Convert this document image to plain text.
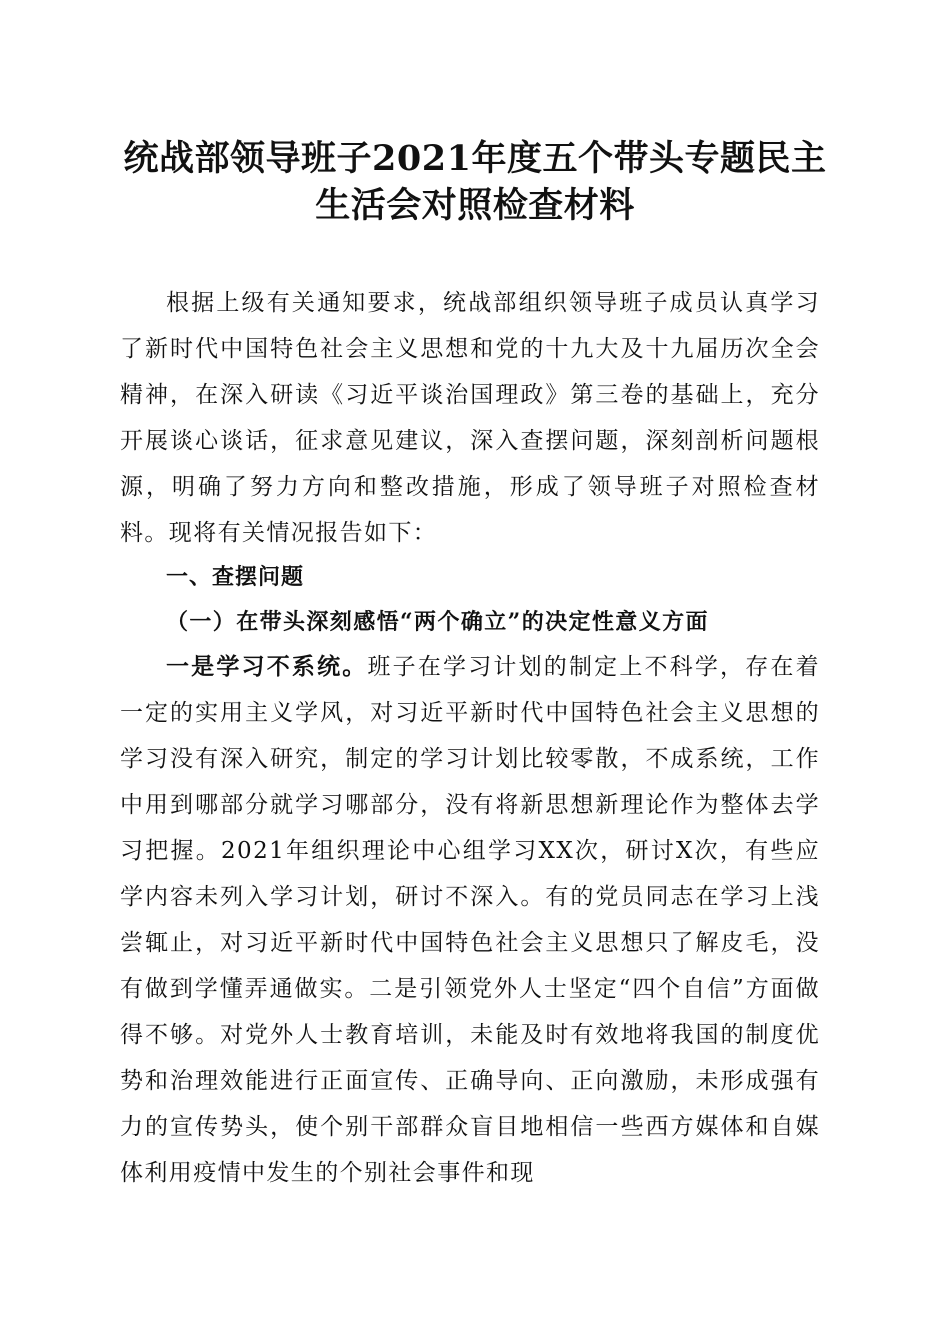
统战部领导班子2021年度五个带头专题民主
生活会对照检查材料

根据上级有关通知要求，统战部组织领导班子成员认真学习了新时代中国特色社会主义思想和党的十九大及十九届历次全会精神，在深入研读《习近平谈治国理政》第三卷的基础上，充分开展谈心谈话，征求意见建议，深入查摆问题，深刻剖析问题根源，明确了努力方向和整改措施，形成了领导班子对照检查材料。现将有关情况报告如下：

一、查摆问题

（一）在带头深刻感悟“两个确立”的决定性意义方面

一是学习不系统。班子在学习计划的制定上不科学，存在着一定的实用主义学风，对习近平新时代中国特色社会主义思想的学习没有深入研究，制定的学习计划比较零散，不成系统，工作中用到哪部分就学习哪部分，没有将新思想新理论作为整体去学习把握。2021年组织理论中心组学习XX次，研讨X次，有些应学内容未列入学习计划，研讨不深入。有的党员同志在学习上浅尝辄止，对习近平新时代中国特色社会主义思想只了解皮毛，没有做到学懂弄通做实。二是引领党外人士坚定“四个自信”方面做得不够。对党外人士教育培训，未能及时有效地将我国的制度优势和治理效能进行正面宣传、正确导向、正向激励，未形成强有力的宣传势头，使个别干部群众盲目地相信一些西方媒体和自媒体利用疫情中发生的个别社会事件和现
